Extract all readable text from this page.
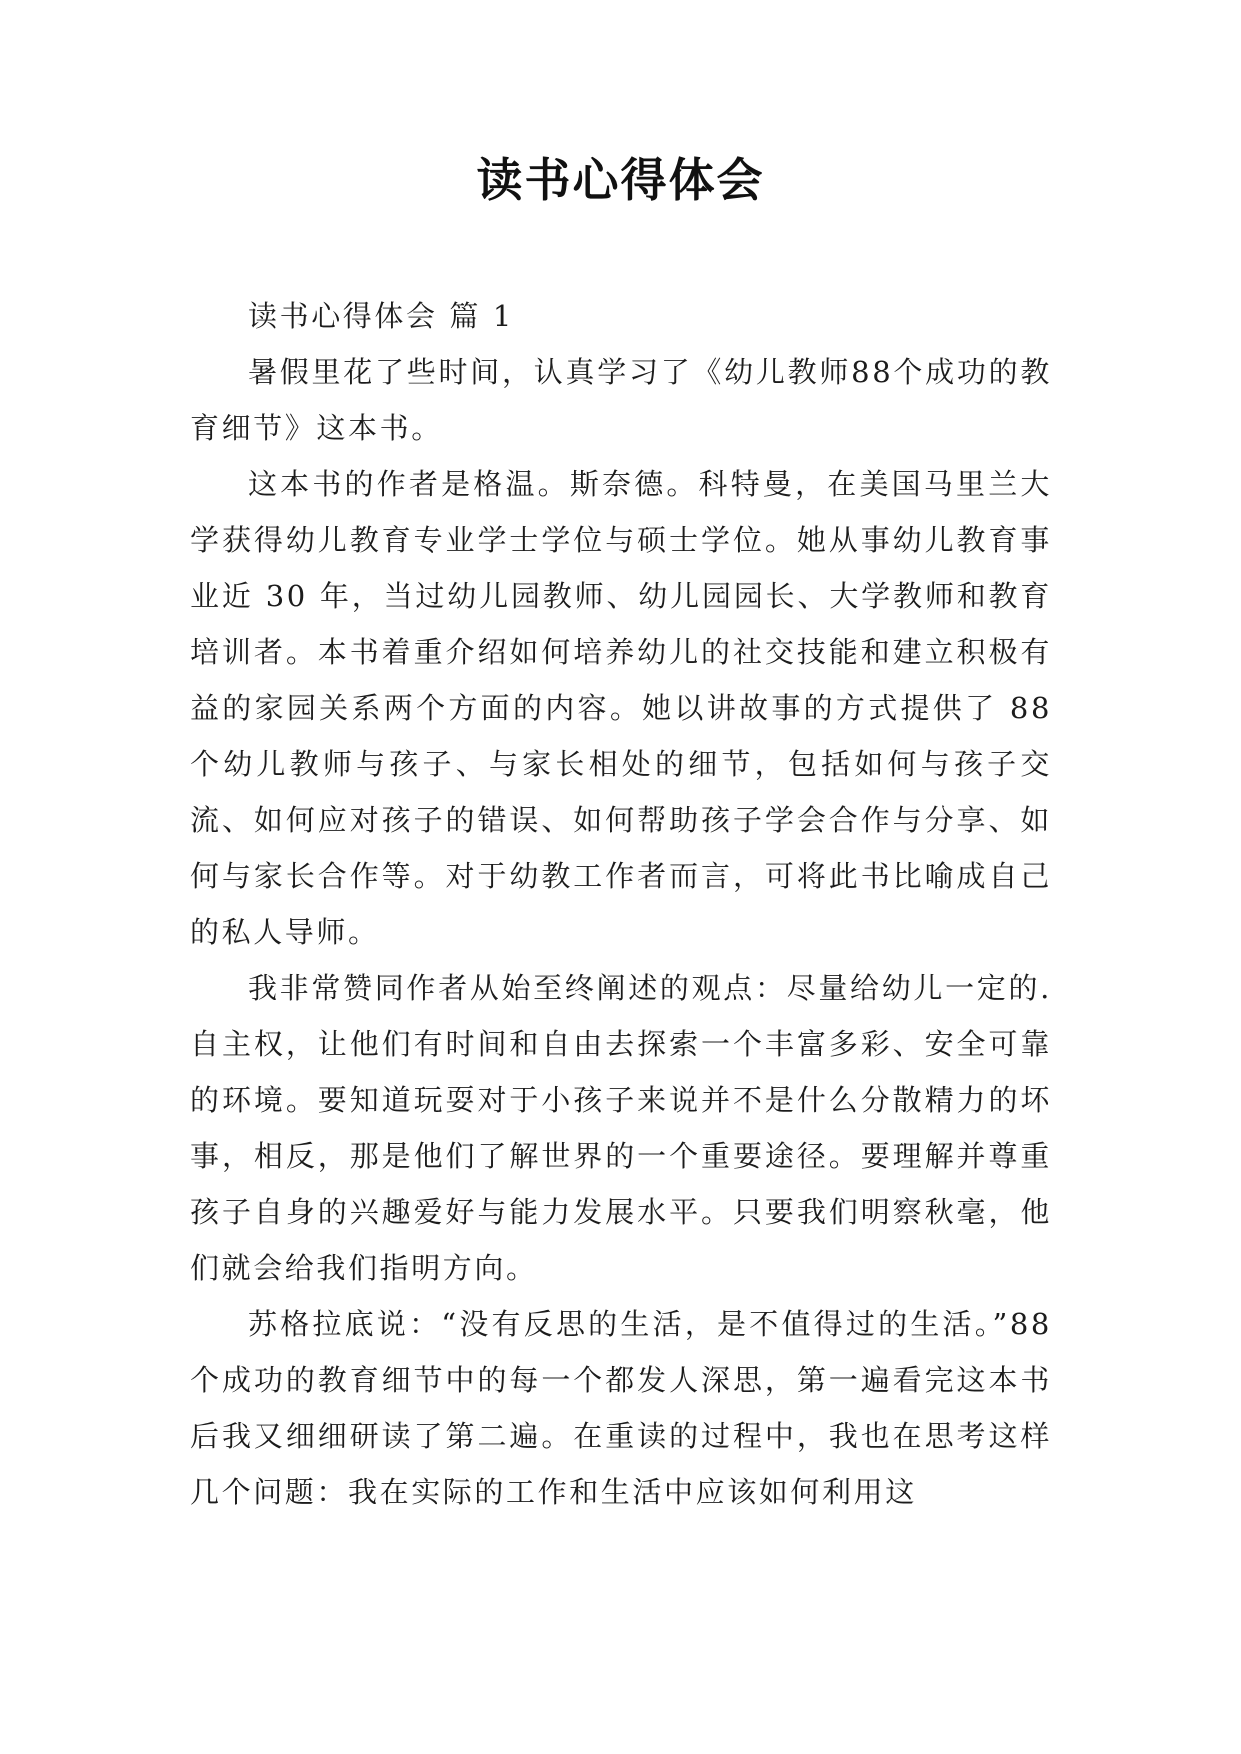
读书心得体会

读书心得体会 篇 1

暑假里花了些时间，认真学习了《幼儿教师88个成功的教育细节》这本书。

这本书的作者是格温。斯奈德。科特曼，在美国马里兰大学获得幼儿教育专业学士学位与硕士学位。她从事幼儿教育事业近 30 年，当过幼儿园教师、幼儿园园长、大学教师和教育培训者。本书着重介绍如何培养幼儿的社交技能和建立积极有益的家园关系两个方面的内容。她以讲故事的方式提供了 88 个幼儿教师与孩子、与家长相处的细节，包括如何与孩子交流、如何应对孩子的错误、如何帮助孩子学会合作与分享、如何与家长合作等。对于幼教工作者而言，可将此书比喻成自己的私人导师。

我非常赞同作者从始至终阐述的观点：尽量给幼儿一定的.自主权，让他们有时间和自由去探索一个丰富多彩、安全可靠的环境。要知道玩耍对于小孩子来说并不是什么分散精力的坏事，相反，那是他们了解世界的一个重要途径。要理解并尊重孩子自身的兴趣爱好与能力发展水平。只要我们明察秋毫，他们就会给我们指明方向。

苏格拉底说：“没有反思的生活，是不值得过的生活。”88 个成功的教育细节中的每一个都发人深思，第一遍看完这本书后我又细细研读了第二遍。在重读的过程中，我也在思考这样几个问题：我在实际的工作和生活中应该如何利用这
